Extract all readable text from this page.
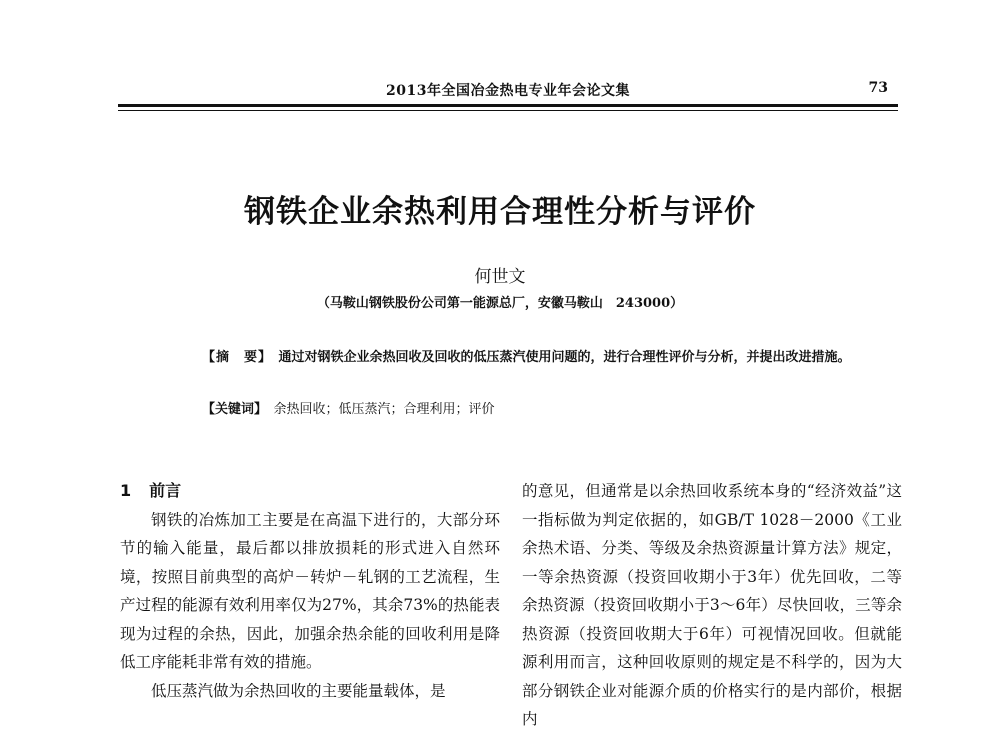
2013年全国冶金热电专业年会论文集	73
钢铁企业余热利用合理性分析与评价
何世文
（马鞍山钢铁股份公司第一能源总厂，安徽马鞍山　243000）
【摘　要】　 通过对钢铁企业余热回收及回收的低压蒸汽使用问题的，进行合理性评价与分析，并提出改进措施。
【关键词】　 余热回收；低压蒸汽；合理利用；评价
1 前言
钢铁的冶炼加工主要是在高温下进行的，大部分环节的输入能量，最后都以排放损耗的形式进入自然环境，按照目前典型的高炉－转炉－轧钢的工艺流程，生产过程的能源有效利用率仅为27%，其余73%的热能表现为过程的余热，因此，加强余热余能的回收利用是降低工序能耗非常有效的措施。
低压蒸汽做为余热回收的主要能量载体，是
的意见，但通常是以余热回收系统本身的“经济效益”这一指标做为判定依据的，如GB/T 1028－2000《工业余热术语、分类、等级及余热资源量计算方法》规定，一等余热资源（投资回收期小于3年）优先回收，二等余热资源（投资回收期小于3～6年）尽快回收，三等余热资源（投资回收期大于6年）可视情况回收。但就能源利用而言，这种回收原则的规定是不科学的，因为大部分钢铁企业对能源介质的价格实行的是内部价，根据内
